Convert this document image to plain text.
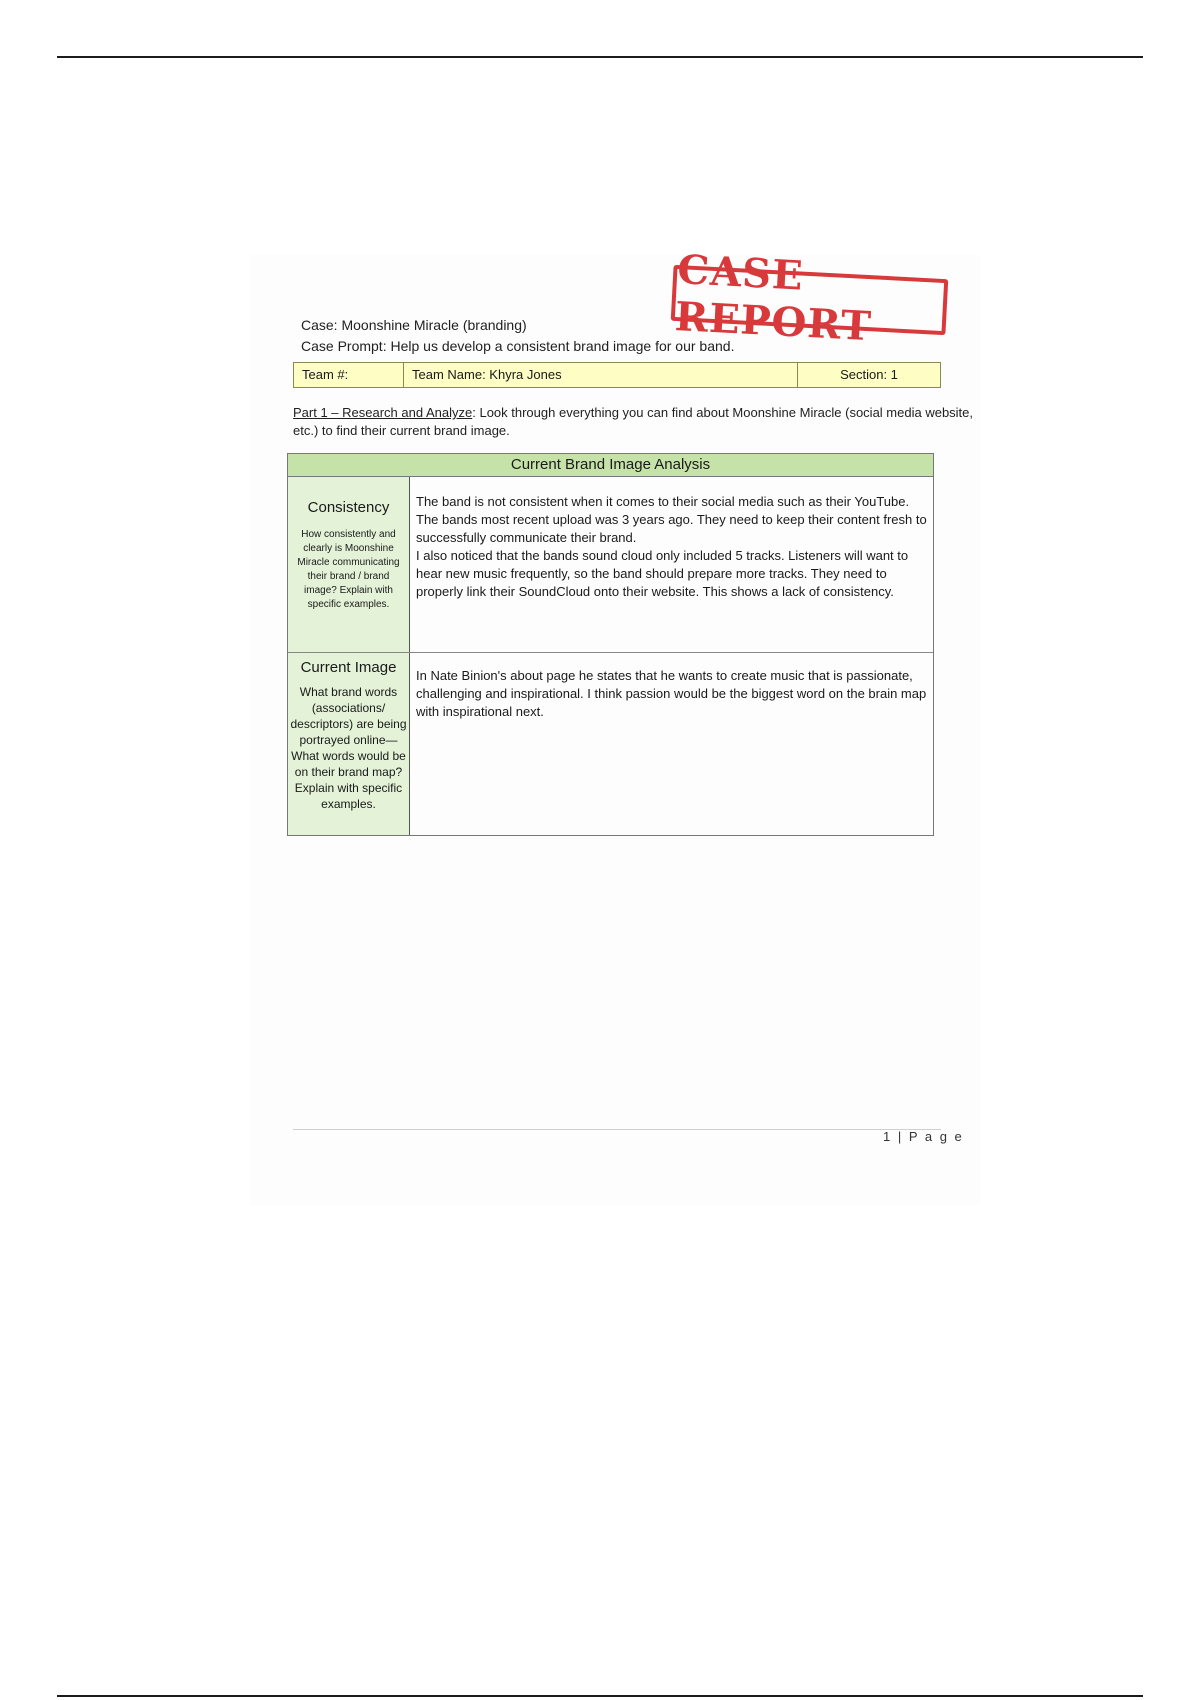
CASE REPORT
Case: Moonshine Miracle (branding)
Case Prompt: Help us develop a consistent brand image for our band.
Team #:	Team Name: Khyra Jones	Section: 1
Part 1 – Research and Analyze: Look through everything you can find about Moonshine Miracle (social media website, etc.) to find their current brand image.
Current Brand Image Analysis
Consistency
How consistently and clearly is Moonshine Miracle communicating their brand / brand image? Explain with specific examples.
The band is not consistent when it comes to their social media such as their YouTube. The bands most recent upload was 3 years ago. They need to keep their content fresh to successfully communicate their brand.
I also noticed that the bands sound cloud only included 5 tracks. Listeners will want to hear new music frequently, so the band should prepare more tracks. They need to properly link their SoundCloud onto their website. This shows a lack of consistency.
Current Image
What brand words (associations/ descriptors) are being portrayed online—What words would be on their brand map? Explain with specific examples.
In Nate Binion's about page he states that he wants to create music that is passionate, challenging and inspirational. I think passion would be the biggest word on the brain map with inspirational next.
1 | P a g e
